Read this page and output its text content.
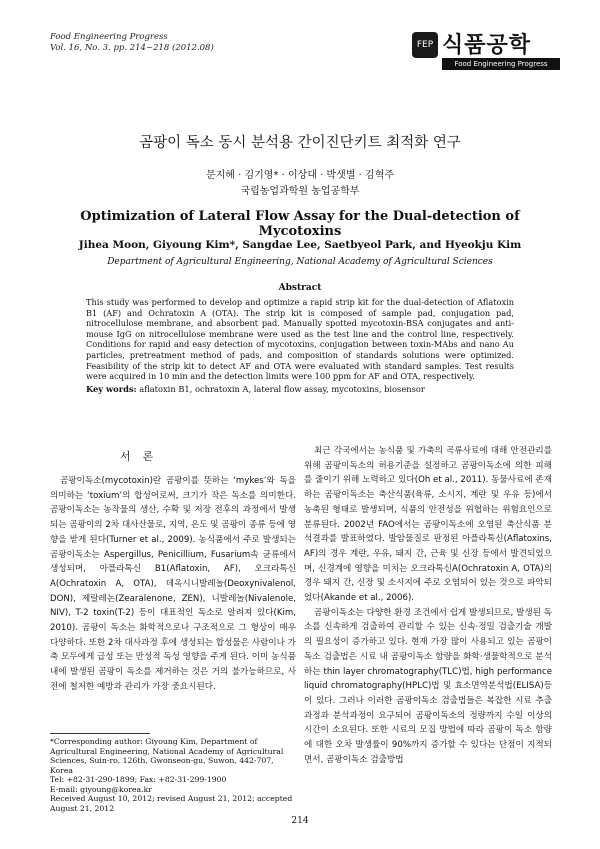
Food Engineering Progress
Vol. 16, No. 3. pp. 214~218 (2012.08)	FEP 식품공학
Food Engineering Progress
곰팡이 독소 동시 분석용 간이진단키트 최적화 연구
문지혜 · 김기영* · 이상대 · 박샛별 · 김혁주
국립농업과학원 농업공학부
Optimization of Lateral Flow Assay for the Dual-detection of Mycotoxins
Jihea Moon, Giyoung Kim*, Sangdae Lee, Saetbyeol Park, and Hyeokju Kim
Department of Agricultural Engineering, National Academy of Agricultural Sciences
Abstract
This study was performed to develop and optimize a rapid strip kit for the dual-detection of Aflatoxin B1 (AF) and Ochratoxin A (OTA). The strip kit is composed of sample pad, conjugation pad, nitrocellulose membrane, and absorbent pad. Manually spotted mycotoxin-BSA conjugates and anti-mouse IgG on nitrocellulose membrane were used as the test line and the control line, respectively. Conditions for rapid and easy detection of mycotoxins, conjugation between toxin-MAbs and nano Au particles, pretreatment method of pads, and composition of standards solutions were optimized. Feasibility of the strip kit to detect AF and OTA were evaluated with standard samples. Test results were acquired in 10 min and the detection limits were 100 ppm for AF and OTA, respectively.
Key words: aflatoxin B1, ochratoxin A, lateral flow assay, mycotoxins, biosensor
서론

곰팡이독소(mycotoxin)란 곰팡이를 뜻하는 ‘mykes’와 독을 의미하는 ‘toxium’의 합성어로써, 크기가 작은 독소를 의미한다. 곰팡이독소는 농작물의 생산, 수확 및 저장 전후의 과정에서 발생되는 곰팡이의 2차 대사산물로, 지역, 온도 및 곰팡이 종류 등에 영향을 받게 된다(Turner et al., 2009). 농식품에서 주로 발생되는 곰팡이독소는 Aspergillus, Penicillium, Fusarium속 균류에서 생성되며, 아플라톡신 B1(Aflatoxin, AF), 오크라톡신 A(Ochratoxin A, OTA), 데옥시니발레놀(Deoxynivalenol, DON), 제랄레논(Zearalenone, ZEN), 니발레놀(Nivalenole, NIV), T-2 toxin(T-2) 등이 대표적인 독소로 알려져 있다(Kim, 2010). 곰팡이 독소는 화학적으로나 구조적으로 그 형상이 매우 다양하다. 또한 2차 대사과정 후에 생성되는 합성물은 사람이나 가축 모두에게 급성 또는 만성적 독성 영향을 주게 된다. 이미 농식품 내에 발생된 곰팡이 독소를 제거하는 것은 거의 불가능하므로, 사전에 철저한 예방과 관리가 가장 중요시된다.

최근 각국에서는 농식품 및 가축의 곡류사료에 대해 안전관리를 위해 곰팡이독소의 허용기준을 설정하고 곰팡이독소에 의한 피해를 줄이기 위해 노력하고 있다(Oh et al., 2011). 동물사료에 존재하는 곰팡이독소는 축산식품(육류, 소시지, 계란 및 우유 등)에서 농축된 형태로 발생되며, 식품의 안전성을 위협하는 위험요인으로 분류된다. 2002년 FAO에서는 곰팡이독소에 오염된 축산식품 분석결과를 발표하였다. 발암물질로 판정된 아플라톡신(Aflatoxins, AF)의 경우 계란, 우유, 돼지 간, 근육 및 신장 등에서 발견되었으며, 신경계에 영향을 미치는 오크라톡신A(Ochratoxin A, OTA)의 경우 돼지 간, 신장 및 소시지에 주로 오염되어 있는 것으로 파악되었다(Akande et al., 2006).

곰팡이독소는 다양한 환경 조건에서 쉽게 발생되므로, 발생된 독소를 신속하게 검출하여 관리할 수 있는 신속·정밀 검출기술 개발의 필요성이 증가하고 있다. 현재 가장 많이 사용되고 있는 곰팡이독소 검출법은 시료 내 곰팡이독소 함량을 화학·생물학적으로 분석하는 thin layer chromatography(TLC)법, high performance liquid chromatography(HPLC)법 및 효소면역분석법(ELISA)등이 있다. 그러나 이러한 곰팡이독소 검출법들은 복잡한 시료 추출과정과 분석과정이 요구되어 곰팡이독소의 정량까지 수일 이상의 시간이 소요된다. 또한 시료의 모집 방법에 따라 곰팡이 독소 함량에 대한 오차 발생률이 90%까지 증가할 수 있다는 단점이 지적되면서, 곰팡이독소 검출방법

*Corresponding author: Giyoung Kim, Department of Agricultural Engineering, National Academy of Agricultural Sciences, Suin-ro, 126th, Gwonseon-gu, Suwon, 442-707, Korea
Tel: +82-31-290-1899; Fax: +82-31-299-1900
E-mail: giyoung@korea.kr
Received August 10, 2012; revised August 21, 2012; accepted August 21, 2012
214
